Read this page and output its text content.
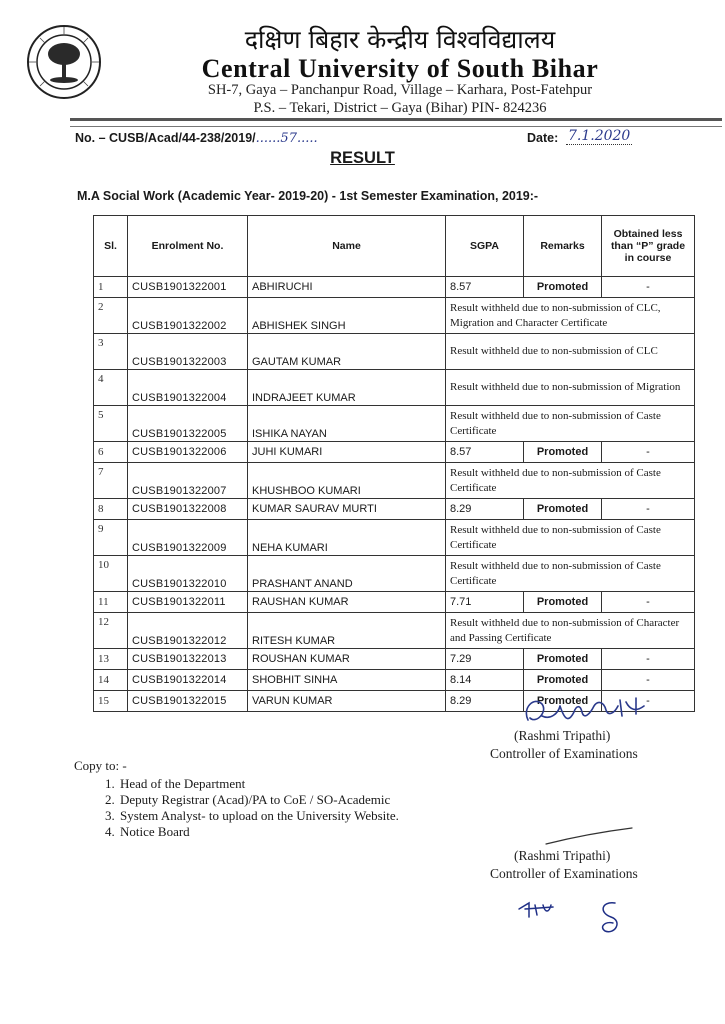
दक्षिण बिहार केन्द्रीय विश्वविद्यालय
Central University of South Bihar
SH-7, Gaya – Panchanpur Road, Village – Karhara, Post-Fatehpur
P.S. – Tekari, District – Gaya (Bihar) PIN- 824236
No. – CUSB/Acad/44-238/2019/......57.....	Date: 7.1.2020
RESULT
M.A Social Work (Academic Year- 2019-20) - 1st Semester Examination, 2019:-
Sl.	Enrolment No.	Name	SGPA	Remarks	Obtained less than “P” grade in course
1	CUSB1901322001	ABHIRUCHI	8.57	Promoted	-
2	CUSB1901322002	ABHISHEK SINGH	Result withheld due to non-submission of CLC, Migration and Character Certificate		
3	CUSB1901322003	GAUTAM KUMAR	Result withheld due to non-submission of CLC		
4	CUSB1901322004	INDRAJEET KUMAR	Result withheld due to non-submission of Migration		
5	CUSB1901322005	ISHIKA NAYAN	Result withheld due to non-submission of Caste Certificate		
6	CUSB1901322006	JUHI KUMARI	8.57	Promoted	-
7	CUSB1901322007	KHUSHBOO KUMARI	Result withheld due to non-submission of Caste Certificate		
8	CUSB1901322008	KUMAR SAURAV MURTI	8.29	Promoted	-
9	CUSB1901322009	NEHA KUMARI	Result withheld due to non-submission of Caste Certificate		
10	CUSB1901322010	PRASHANT ANAND	Result withheld due to non-submission of Caste Certificate		
11	CUSB1901322011	RAUSHAN KUMAR	7.71	Promoted	-
12	CUSB1901322012	RITESH KUMAR	Result withheld due to non-submission of Character and Passing Certificate		
13	CUSB1901322013	ROUSHAN KUMAR	7.29	Promoted	-
14	CUSB1901322014	SHOBHIT SINHA	8.14	Promoted	-
15	CUSB1901322015	VARUN KUMAR	8.29	Promoted	-
(Rashmi Tripathi)
Controller of Examinations
Copy to: -
1. Head of the Department
2. Deputy Registrar (Acad)/PA to CoE / SO-Academic
3. System Analyst- to upload on the University Website.
4. Notice Board
(Rashmi Tripathi)
Controller of Examinations
